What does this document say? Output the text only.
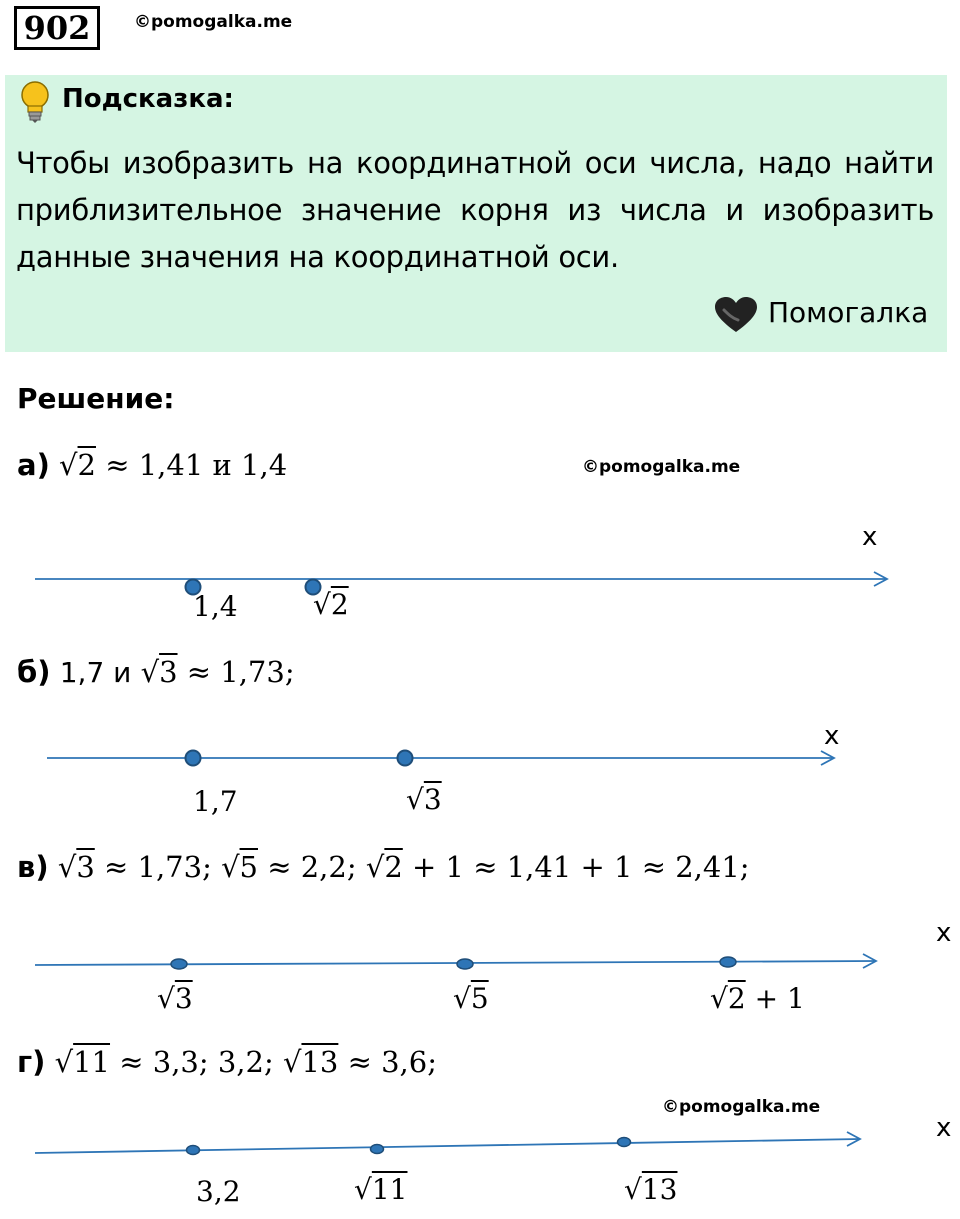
902	©pomogalka.me
Подсказка:
Чтобы изобразить на координатной оси числа, надо найти
приблизительное значение корня из числа и изобразить
данные значения на координатной оси.
Помогалка
Решение:
а) √2 ≈ 1,41 и 1,4	©pomogalka.me
б) 1,7 и √3 ≈ 1,73;
в) √3 ≈ 1,73; √5 ≈ 2,2; √2 + 1 ≈ 1,41 + 1 ≈ 2,41;
г) √11 ≈ 3,3; 3,2; √13 ≈ 3,6;
©pomogalka.me
x
1,4	√2
x
1,7	√3
x
√3	√5	√2 + 1
x
3,2	√11	√13
